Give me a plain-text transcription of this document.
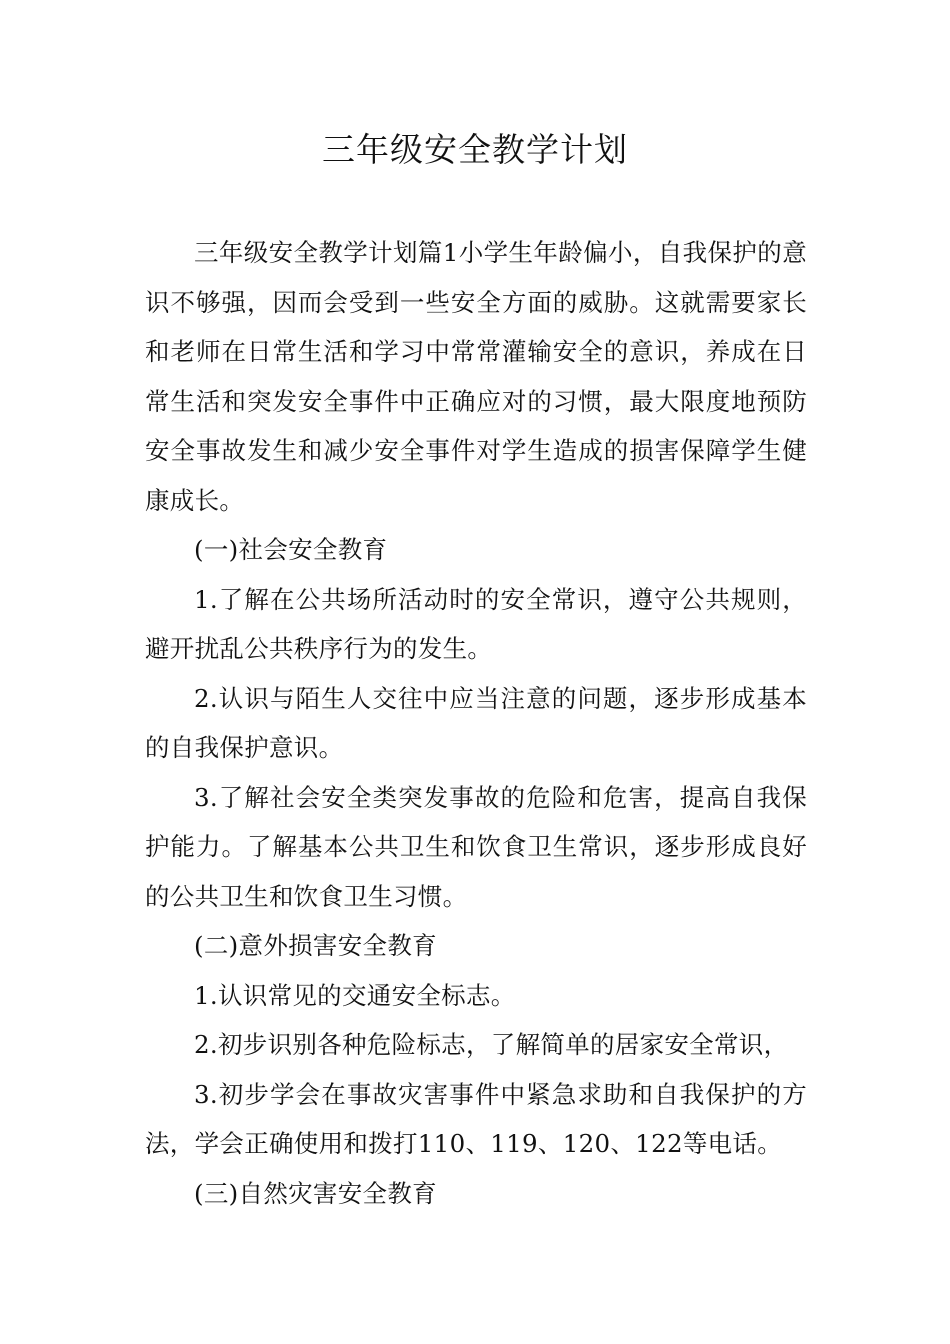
三年级安全教学计划

三年级安全教学计划篇1小学生年龄偏小，自我保护的意识不够强，因而会受到一些安全方面的威胁。这就需要家长和老师在日常生活和学习中常常灌输安全的意识，养成在日常生活和突发安全事件中正确应对的习惯，最大限度地预防安全事故发生和减少安全事件对学生造成的损害保障学生健康成长。

(一)社会安全教育

1.了解在公共场所活动时的安全常识，遵守公共规则，避开扰乱公共秩序行为的发生。

2.认识与陌生人交往中应当注意的问题，逐步形成基本的自我保护意识。

3.了解社会安全类突发事故的危险和危害，提高自我保护能力。了解基本公共卫生和饮食卫生常识，逐步形成良好的公共卫生和饮食卫生习惯。

(二)意外损害安全教育

1.认识常见的交通安全标志。

2.初步识别各种危险标志，了解简单的居家安全常识，

3.初步学会在事故灾害事件中紧急求助和自我保护的方法，学会正确使用和拨打110、119、120、122等电话。

(三)自然灾害安全教育
